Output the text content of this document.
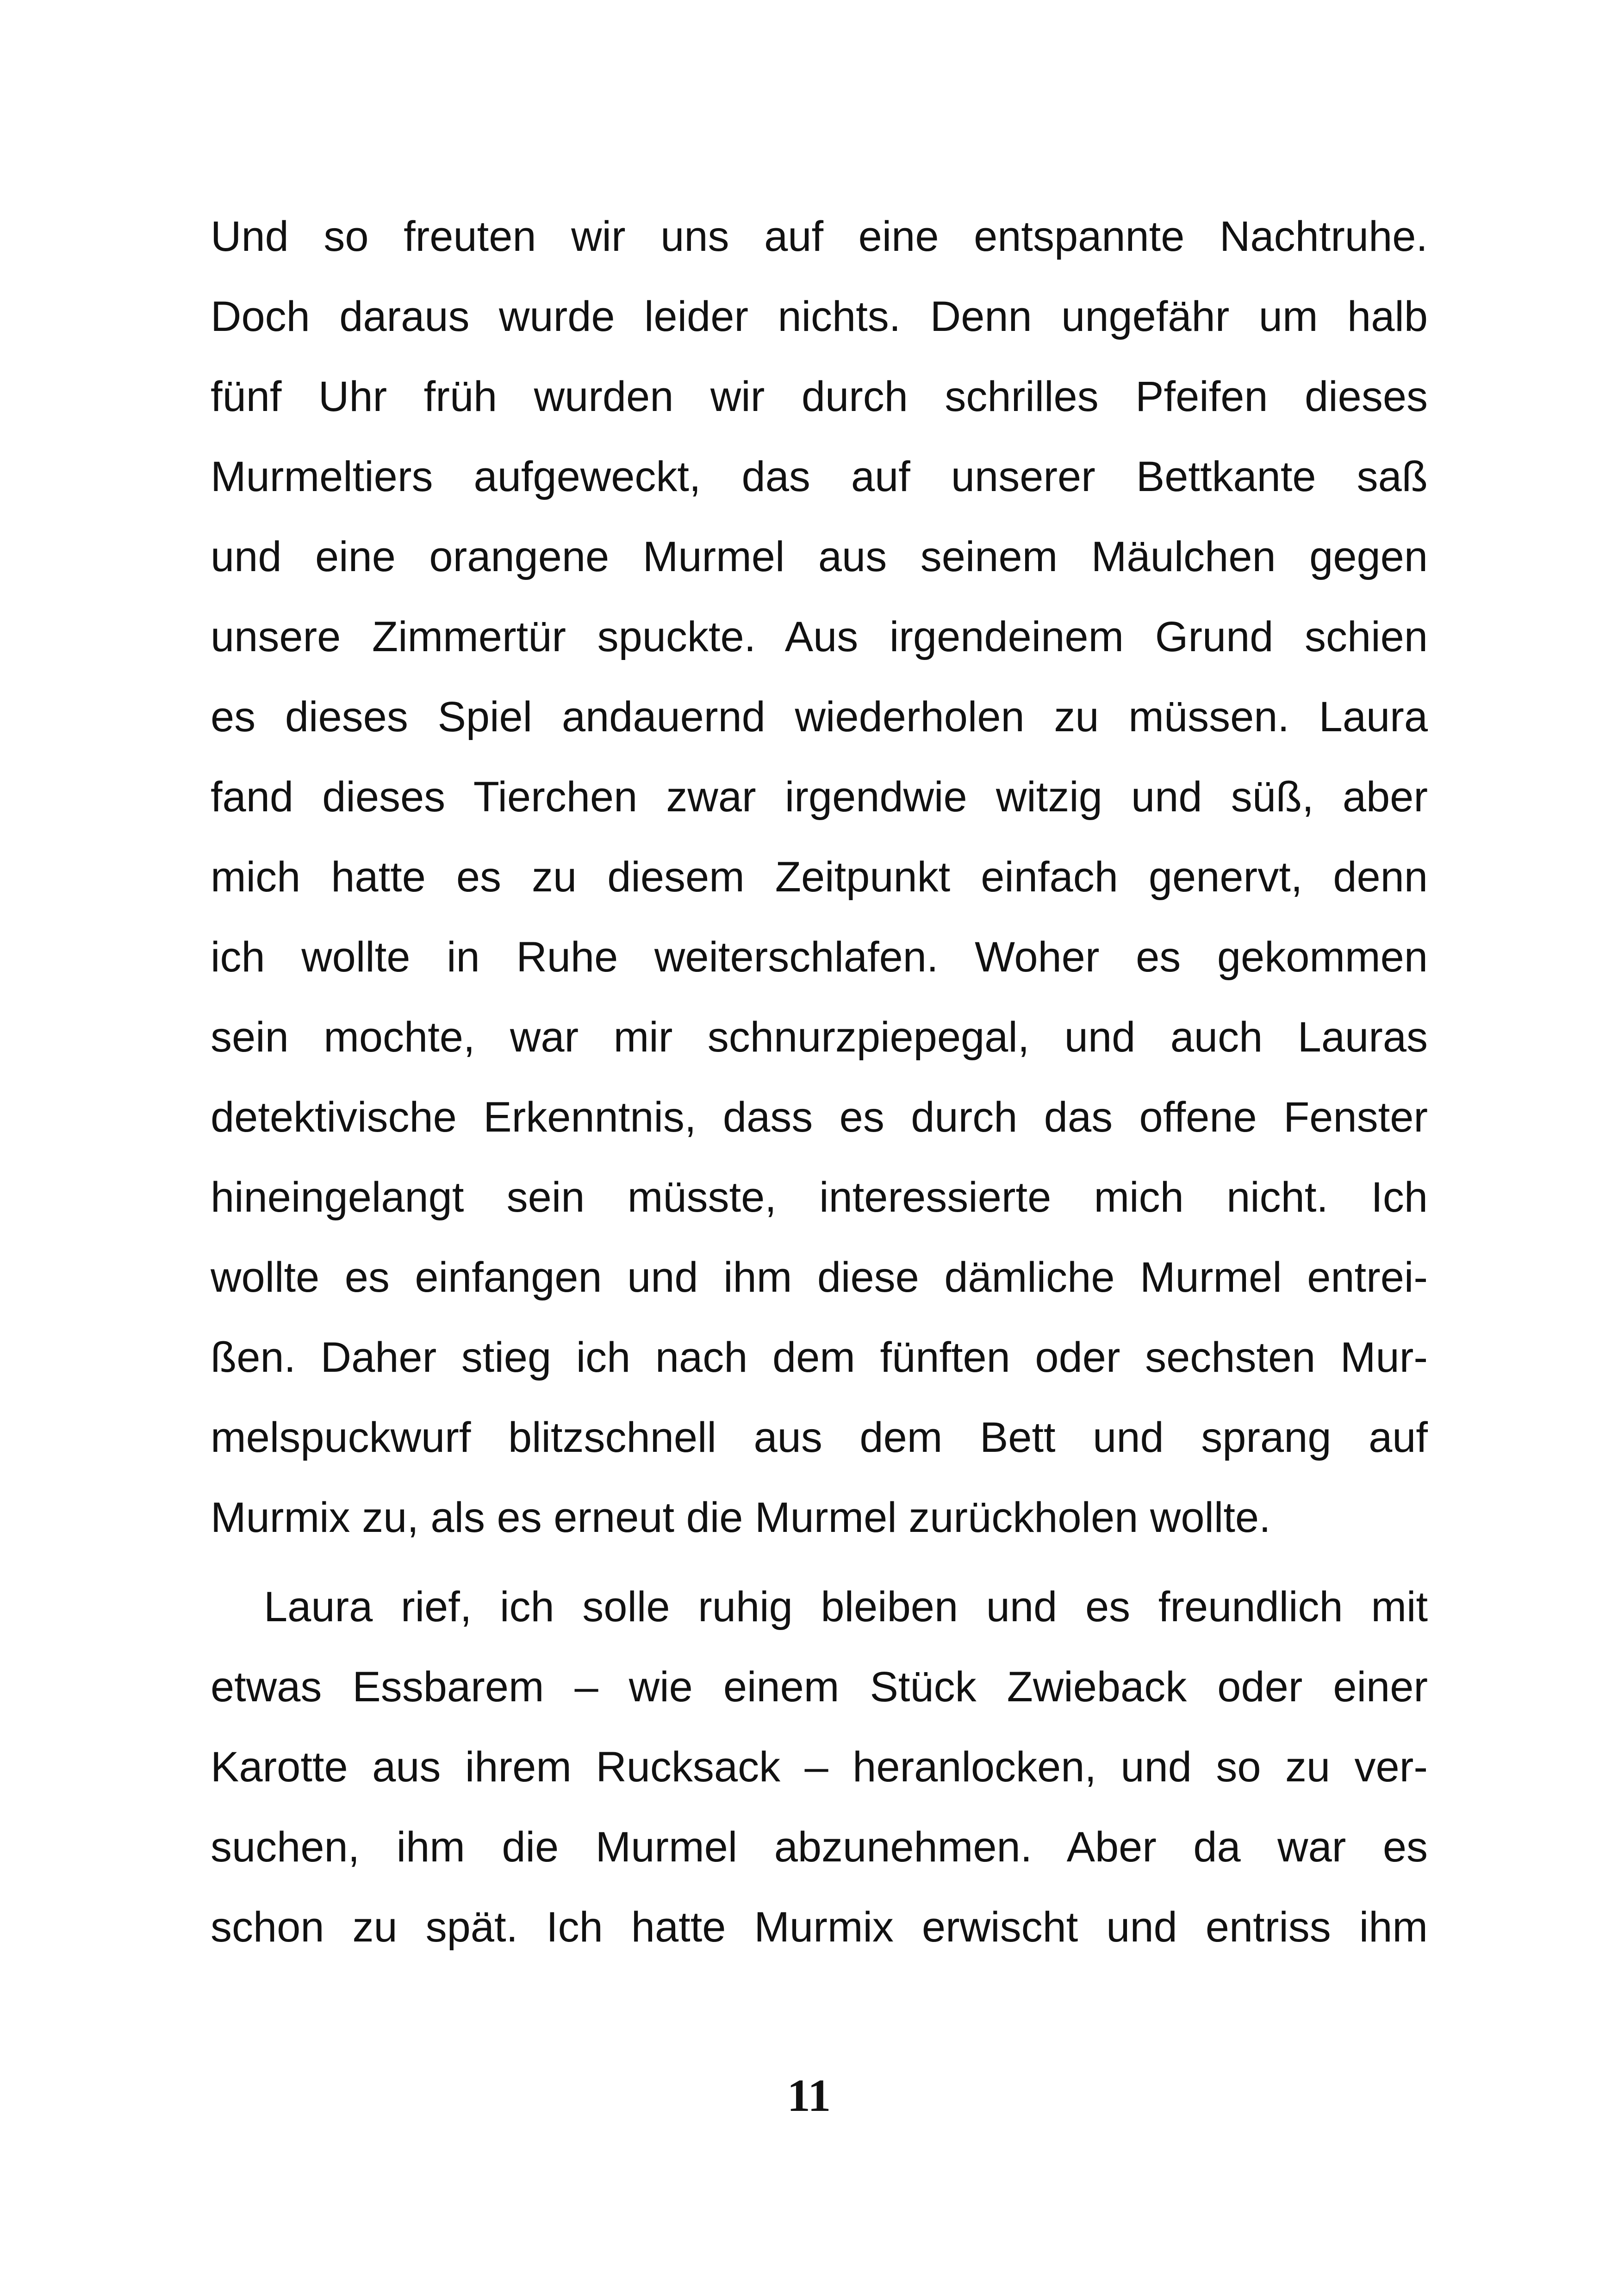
Und so freuten wir uns auf eine entspannte Nachtruhe.
Doch daraus wurde leider nichts. Denn ungefähr um halb
fünf Uhr früh wurden wir durch schrilles Pfeifen dieses
Murmeltiers aufgeweckt, das auf unserer Bettkante saß
und eine orangene Murmel aus seinem Mäulchen gegen
unsere Zimmertür spuckte. Aus irgendeinem Grund schien
es dieses Spiel andauernd wiederholen zu müssen. Laura
fand dieses Tierchen zwar irgendwie witzig und süß, aber
mich hatte es zu diesem Zeitpunkt einfach genervt, denn
ich wollte in Ruhe weiterschlafen. Woher es gekommen
sein mochte, war mir schnurzpiepegal, und auch Lauras
detektivische Erkenntnis, dass es durch das offene Fenster
hineingelangt sein müsste, interessierte mich nicht. Ich
wollte es einfangen und ihm diese dämliche Murmel entrei-
ßen. Daher stieg ich nach dem fünften oder sechsten Mur-
melspuckwurf blitzschnell aus dem Bett und sprang auf
Murmix zu, als es erneut die Murmel zurückholen wollte.
Laura rief, ich solle ruhig bleiben und es freundlich mit
etwas Essbarem – wie einem Stück Zwieback oder einer
Karotte aus ihrem Rucksack – heranlocken, und so zu ver-
suchen, ihm die Murmel abzunehmen. Aber da war es
schon zu spät. Ich hatte Murmix erwischt und entriss ihm
11
